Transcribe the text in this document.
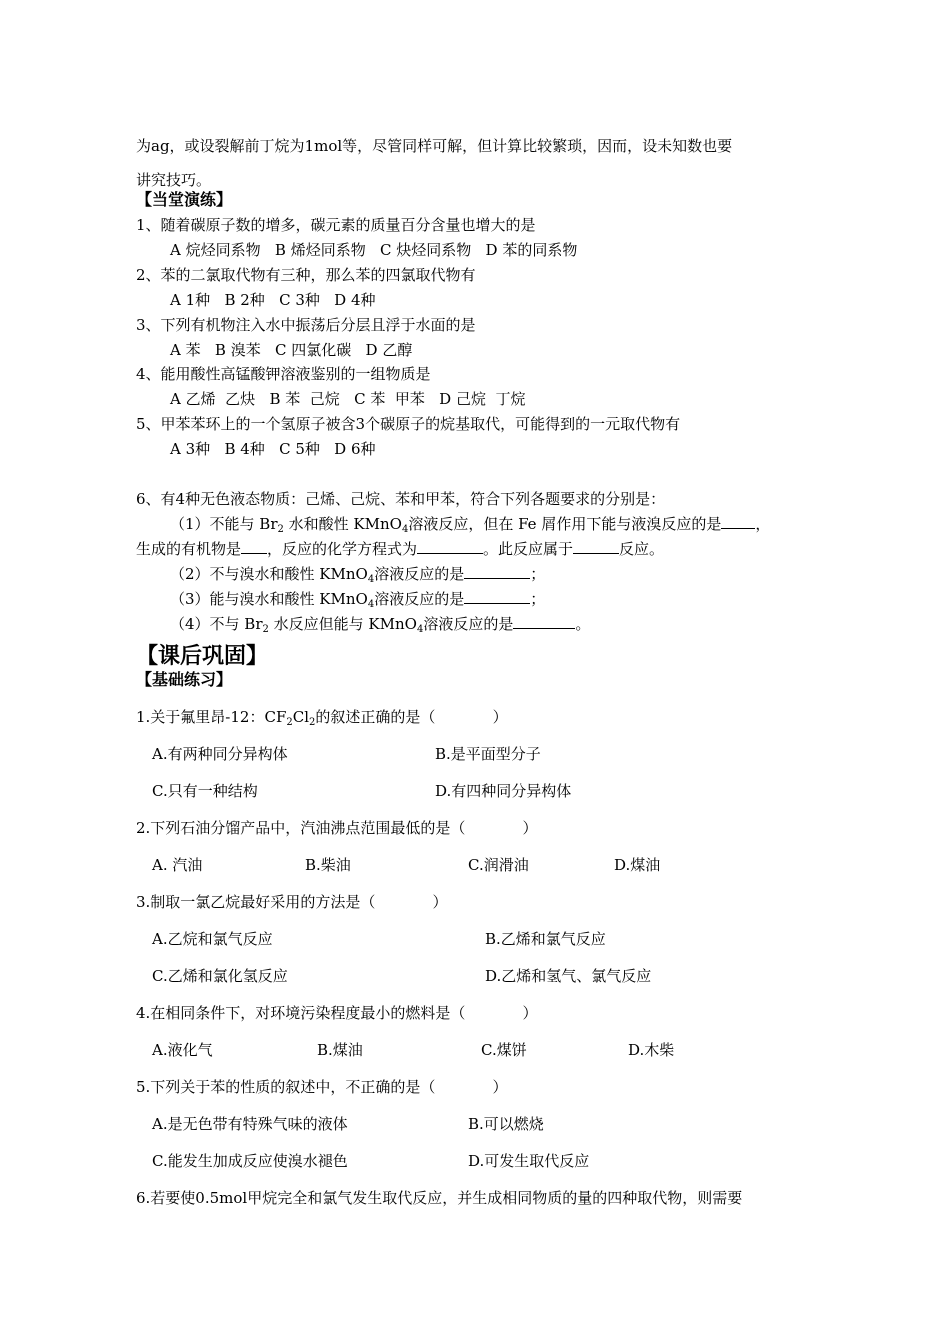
为ag，或设裂解前丁烷为1mol等，尽管同样可解，但计算比较繁琐，因而，设未知数也要
讲究技巧。
【当堂演练】
1、随着碳原子数的增多，碳元素的质量百分含量也增大的是
A 烷烃同系物   B 烯烃同系物   C 炔烃同系物   D 苯的同系物
2、苯的二氯取代物有三种，那么苯的四氯取代物有
A 1种   B 2种   C 3种   D 4种
3、下列有机物注入水中振荡后分层且浮于水面的是
A 苯   B 溴苯   C 四氯化碳   D 乙醇
4、能用酸性高锰酸钾溶液鉴别的一组物质是
A 乙烯  乙炔   B 苯  己烷   C 苯  甲苯   D 己烷  丁烷
5、甲苯苯环上的一个氢原子被含3个碳原子的烷基取代，可能得到的一元取代物有
A 3种   B 4种   C 5种   D 6种
6、有4种无色液态物质：己烯、己烷、苯和甲苯，符合下列各题要求的分别是：
（1）不能与 $Br_2$ 水和酸性 KMnO$_4$溶液反应，但在 Fe 屑作用下能与液溴反应的是 ，
生成的有机物是 ，反应的化学方程式为	。此反应属于	反应。
（2）不与溴水和酸性 KMnO$_4$溶液反应的是	；
（3）能与溴水和酸性 KMnO$_4$溶液反应的是	；
（4）不与 $Br_2$ 水反应但能与 KMnO$_4$溶液反应的是	。
【课后巩固】
【基础练习】
1.关于氟里昂-12：$CF_2Cl_2$的叙述正确的是（            ）
A.有两种同分异构体	B.是平面型分子
C.只有一种结构	D.有四种同分异构体
2.下列石油分馏产品中，汽油沸点范围最低的是（            ）
A. 汽油	B.柴油	C.润滑油	D.煤油
3.制取一氯乙烷最好采用的方法是（            ）
A.乙烷和氯气反应	B.乙烯和氯气反应
C.乙烯和氯化氢反应	D.乙烯和氢气、氯气反应
4.在相同条件下，对环境污染程度最小的燃料是（            ）
A.液化气	B.煤油	C.煤饼	D.木柴
5.下列关于苯的性质的叙述中，不正确的是（            ）
A.是无色带有特殊气味的液体	B.可以燃烧
C.能发生加成反应使溴水褪色	D.可发生取代反应
6.若要使0.5mol甲烷完全和氯气发生取代反应，并生成相同物质的量的四种取代物，则需要
